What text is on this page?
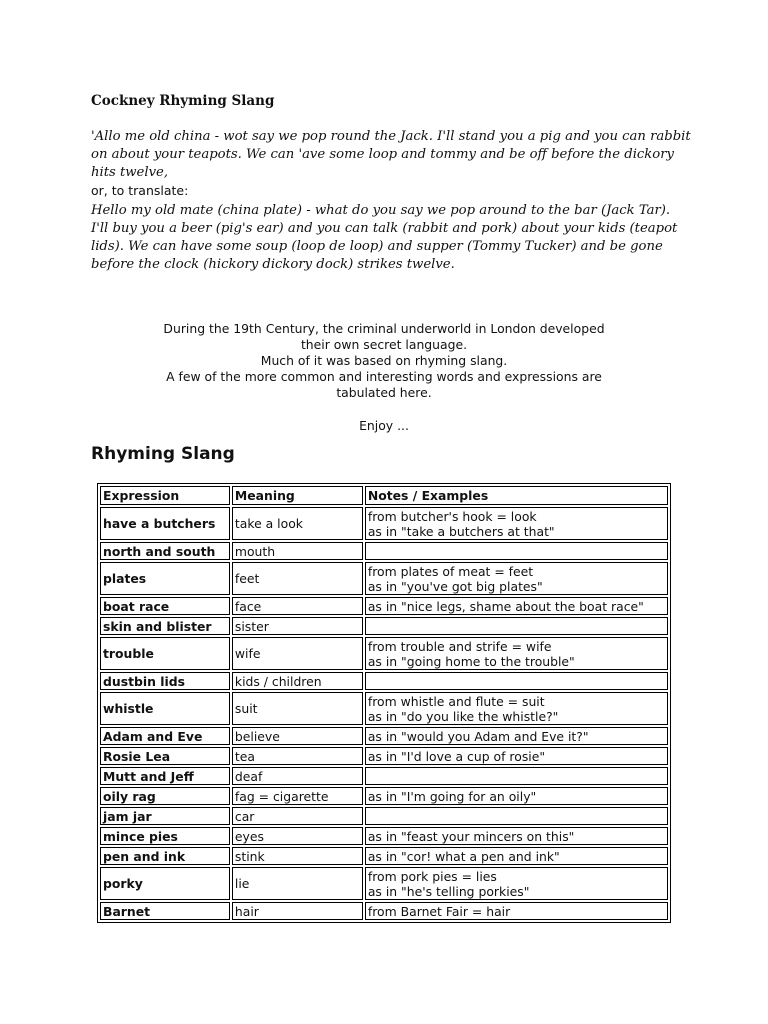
Cockney Rhyming Slang
'Allo me old china - wot say we pop round the Jack. I'll stand you a pig and you can rabbit on about your teapots. We can 'ave some loop and tommy and be off before the dickory hits twelve,
or, to translate:
Hello my old mate (china plate) - what do you say we pop around to the bar (Jack Tar). I'll buy you a beer (pig's ear) and you can talk (rabbit and pork) about your kids (teapot lids). We can have some soup (loop de loop) and supper (Tommy Tucker) and be gone before the clock (hickory dickory dock) strikes twelve.
During the 19th Century, the criminal underworld in London developed their own secret language.
Much of it was based on rhyming slang.
A few of the more common and interesting words and expressions are tabulated here.
Enjoy ...
Rhyming Slang
Expression	Meaning	Notes / Examples
have a butchers	take a look	from butcher's hook = look
as in "take a butchers at that"

north and south	mouth	
plates	feet	from plates of meat = feet
as in "you've got big plates"

boat race	face	as in "nice legs, shame about the boat race"

skin and blister	sister	
trouble	wife	from trouble and strife = wife
as in "going home to the trouble"

dustbin lids	kids / children	
whistle	suit	from whistle and flute = suit
as in "do you like the whistle?"

Adam and Eve	believe	as in "would you Adam and Eve it?"

Rosie Lea	tea	as in "I'd love a cup of rosie"

Mutt and Jeff	deaf	
oily rag	fag = cigarette	as in "I'm going for an oily"

jam jar	car	
mince pies	eyes	as in "feast your mincers on this"

pen and ink	stink	as in "cor! what a pen and ink"

porky	lie	from pork pies = lies
as in "he's telling porkies"

Barnet	hair	from Barnet Fair = hair
